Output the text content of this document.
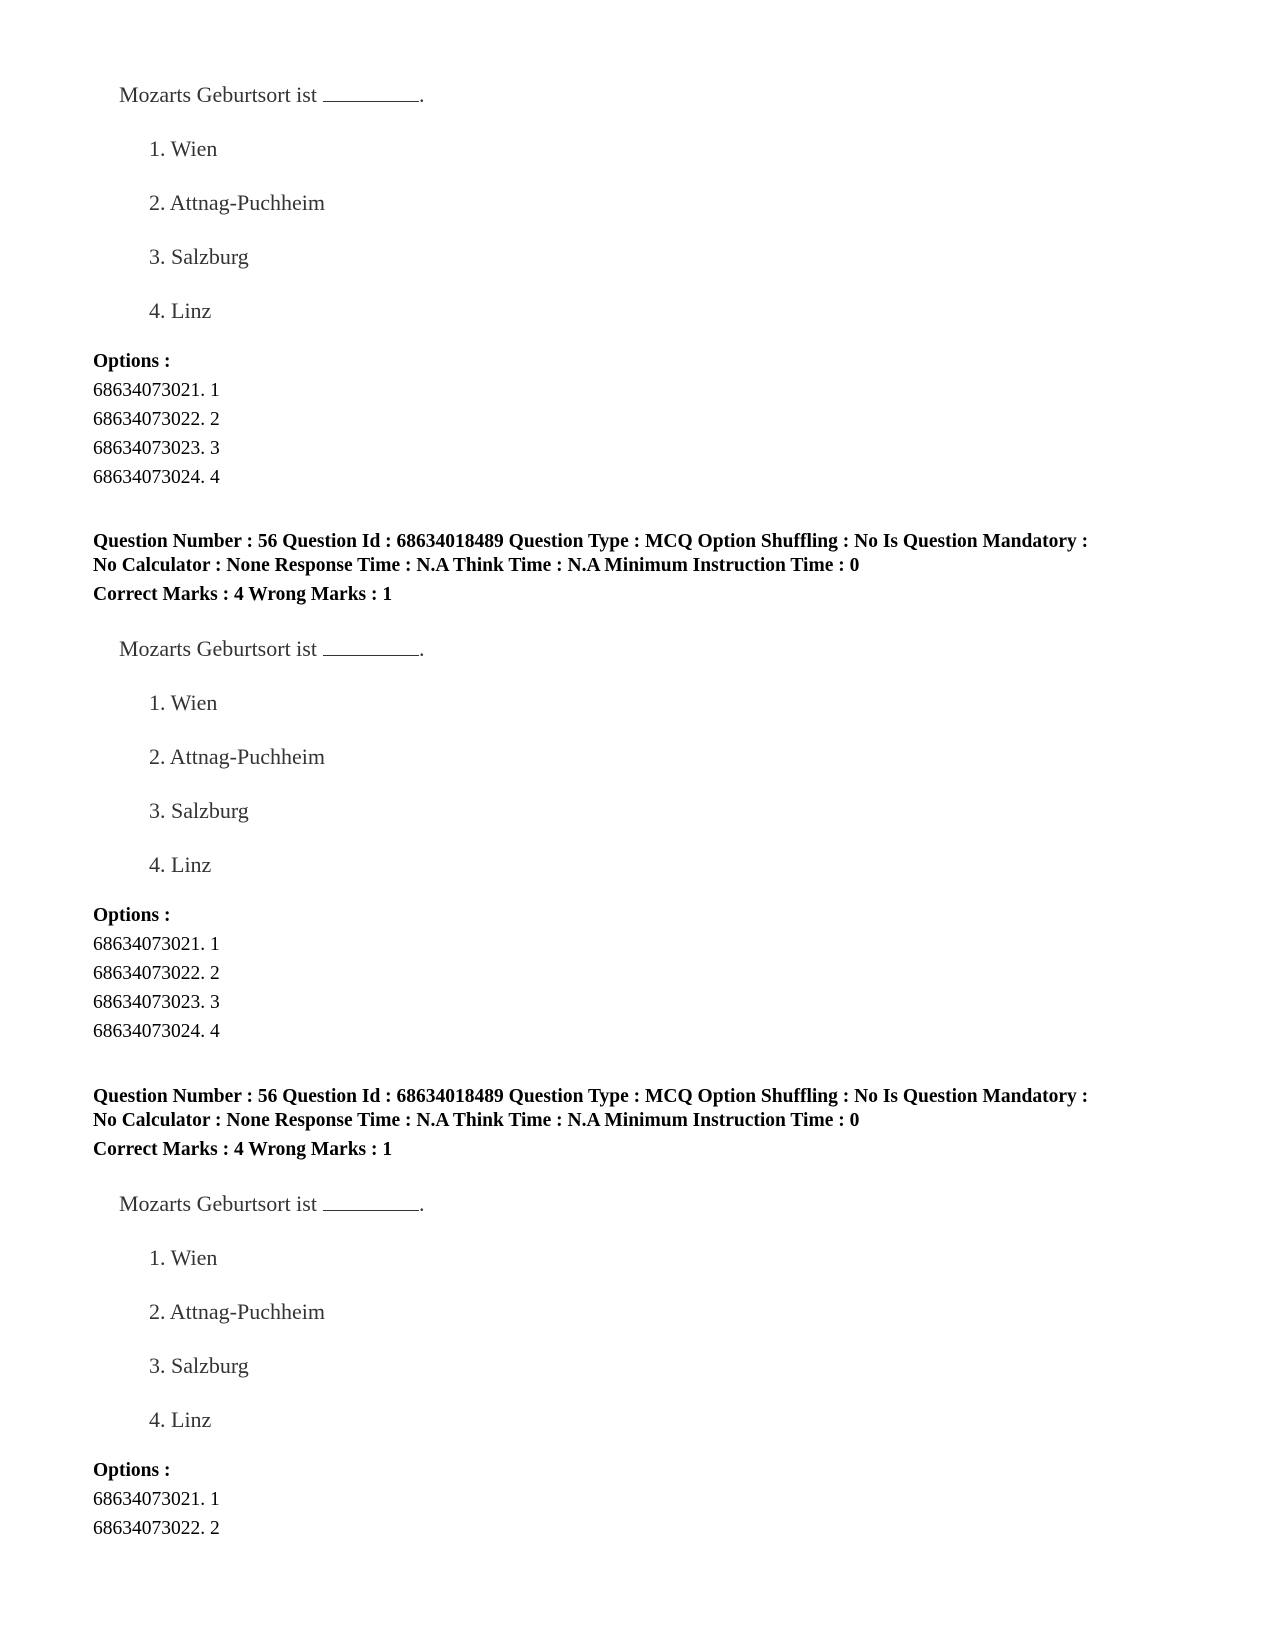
Mozarts Geburtsort ist	.
1. Wien
2. Attnag-Puchheim
3. Salzburg
4. Linz
Options :
68634073021. 1
68634073022. 2
68634073023. 3
68634073024. 4
Question Number : 56 Question Id : 68634018489 Question Type : MCQ Option Shuffling : No Is Question Mandatory :
No Calculator : None Response Time : N.A Think Time : N.A Minimum Instruction Time : 0
Correct Marks : 4 Wrong Marks : 1
Mozarts Geburtsort ist	.
1. Wien
2. Attnag-Puchheim
3. Salzburg
4. Linz
Options :
68634073021. 1
68634073022. 2
68634073023. 3
68634073024. 4
Question Number : 56 Question Id : 68634018489 Question Type : MCQ Option Shuffling : No Is Question Mandatory :
No Calculator : None Response Time : N.A Think Time : N.A Minimum Instruction Time : 0
Correct Marks : 4 Wrong Marks : 1
Mozarts Geburtsort ist	.
1. Wien
2. Attnag-Puchheim
3. Salzburg
4. Linz
Options :
68634073021. 1
68634073022. 2
